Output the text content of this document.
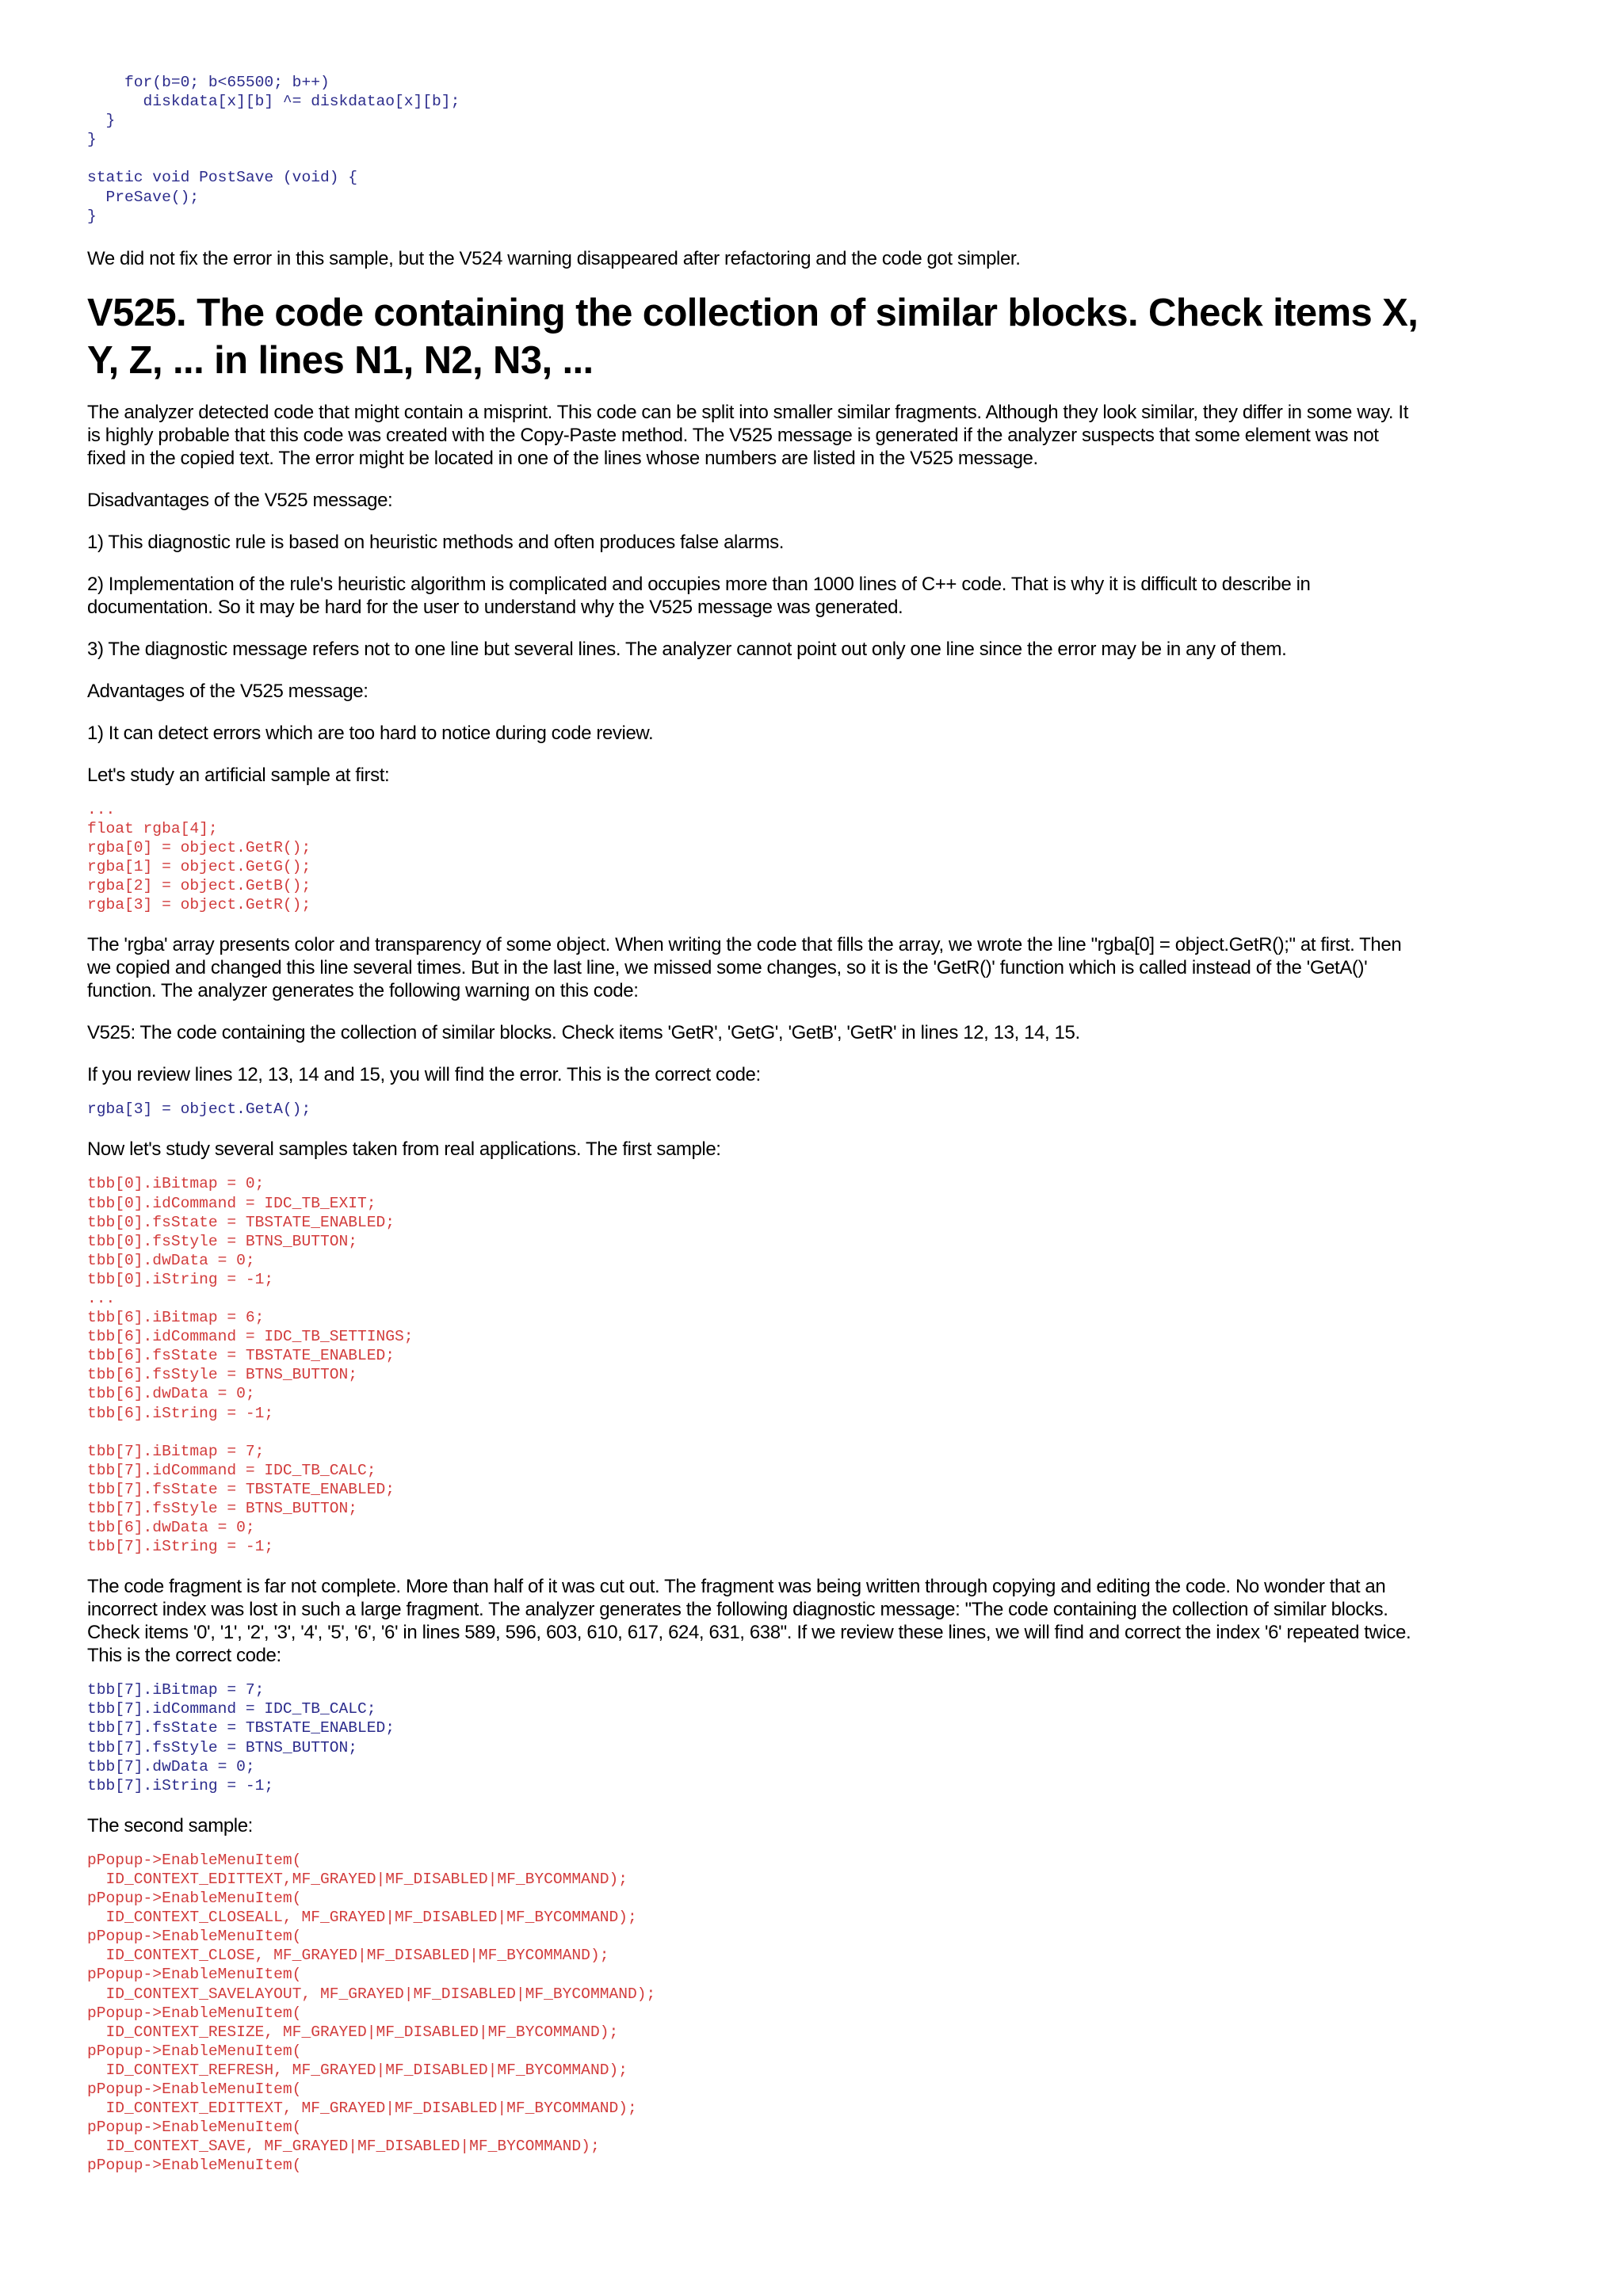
for(b=0; b<65500; b++)
diskdata[x][b] ^= diskdatao[x][b];
}
}

static void PostSave (void) {
PreSave();
}

We did not fix the error in this sample, but the V524 warning disappeared after refactoring and the code got simpler.

V525. The code containing the collection of similar blocks. Check items X, Y, Z, ... in lines N1, N2, N3, ...

The analyzer detected code that might contain a misprint. This code can be split into smaller similar fragments. Although they look similar, they differ in some way. It is highly probable that this code was created with the Copy-Paste method. The V525 message is generated if the analyzer suspects that some element was not fixed in the copied text. The error might be located in one of the lines whose numbers are listed in the V525 message.

Disadvantages of the V525 message:

1) This diagnostic rule is based on heuristic methods and often produces false alarms.

2) Implementation of the rule's heuristic algorithm is complicated and occupies more than 1000 lines of C++ code. That is why it is difficult to describe in documentation. So it may be hard for the user to understand why the V525 message was generated.

3) The diagnostic message refers not to one line but several lines. The analyzer cannot point out only one line since the error may be in any of them.

Advantages of the V525 message:

1) It can detect errors which are too hard to notice during code review.

Let's study an artificial sample at first:

...
float rgba[4];
rgba[0] = object.GetR();
rgba[1] = object.GetG();
rgba[2] = object.GetB();
rgba[3] = object.GetR();

The 'rgba' array presents color and transparency of some object. When writing the code that fills the array, we wrote the line "rgba[0] = object.GetR();" at first. Then we copied and changed this line several times. But in the last line, we missed some changes, so it is the 'GetR()' function which is called instead of the 'GetA()' function. The analyzer generates the following warning on this code:

V525: The code containing the collection of similar blocks. Check items 'GetR', 'GetG', 'GetB', 'GetR' in lines 12, 13, 14, 15.

If you review lines 12, 13, 14 and 15, you will find the error. This is the correct code:

rgba[3] = object.GetA();

Now let's study several samples taken from real applications. The first sample:

tbb[0].iBitmap = 0;
tbb[0].idCommand = IDC_TB_EXIT;
tbb[0].fsState = TBSTATE_ENABLED;
tbb[0].fsStyle = BTNS_BUTTON;
tbb[0].dwData = 0;
tbb[0].iString = -1;
...
tbb[6].iBitmap = 6;
tbb[6].idCommand = IDC_TB_SETTINGS;
tbb[6].fsState = TBSTATE_ENABLED;
tbb[6].fsStyle = BTNS_BUTTON;
tbb[6].dwData = 0;
tbb[6].iString = -1;

tbb[7].iBitmap = 7;
tbb[7].idCommand = IDC_TB_CALC;
tbb[7].fsState = TBSTATE_ENABLED;
tbb[7].fsStyle = BTNS_BUTTON;
tbb[6].dwData = 0;
tbb[7].iString = -1;

The code fragment is far not complete. More than half of it was cut out. The fragment was being written through copying and editing the code. No wonder that an incorrect index was lost in such a large fragment. The analyzer generates the following diagnostic message: "The code containing the collection of similar blocks. Check items '0', '1', '2', '3', '4', '5', '6', '6' in lines 589, 596, 603, 610, 617, 624, 631, 638". If we review these lines, we will find and correct the index '6' repeated twice. This is the correct code:

tbb[7].iBitmap = 7;
tbb[7].idCommand = IDC_TB_CALC;
tbb[7].fsState = TBSTATE_ENABLED;
tbb[7].fsStyle = BTNS_BUTTON;
tbb[7].dwData = 0;
tbb[7].iString = -1;

The second sample:

pPopup->EnableMenuItem(
ID_CONTEXT_EDITTEXT,MF_GRAYED|MF_DISABLED|MF_BYCOMMAND);
pPopup->EnableMenuItem(
ID_CONTEXT_CLOSEALL, MF_GRAYED|MF_DISABLED|MF_BYCOMMAND);
pPopup->EnableMenuItem(
ID_CONTEXT_CLOSE, MF_GRAYED|MF_DISABLED|MF_BYCOMMAND);
pPopup->EnableMenuItem(
ID_CONTEXT_SAVELAYOUT, MF_GRAYED|MF_DISABLED|MF_BYCOMMAND);
pPopup->EnableMenuItem(
ID_CONTEXT_RESIZE, MF_GRAYED|MF_DISABLED|MF_BYCOMMAND);
pPopup->EnableMenuItem(
ID_CONTEXT_REFRESH, MF_GRAYED|MF_DISABLED|MF_BYCOMMAND);
pPopup->EnableMenuItem(
ID_CONTEXT_EDITTEXT, MF_GRAYED|MF_DISABLED|MF_BYCOMMAND);
pPopup->EnableMenuItem(
ID_CONTEXT_SAVE, MF_GRAYED|MF_DISABLED|MF_BYCOMMAND);
pPopup->EnableMenuItem(
